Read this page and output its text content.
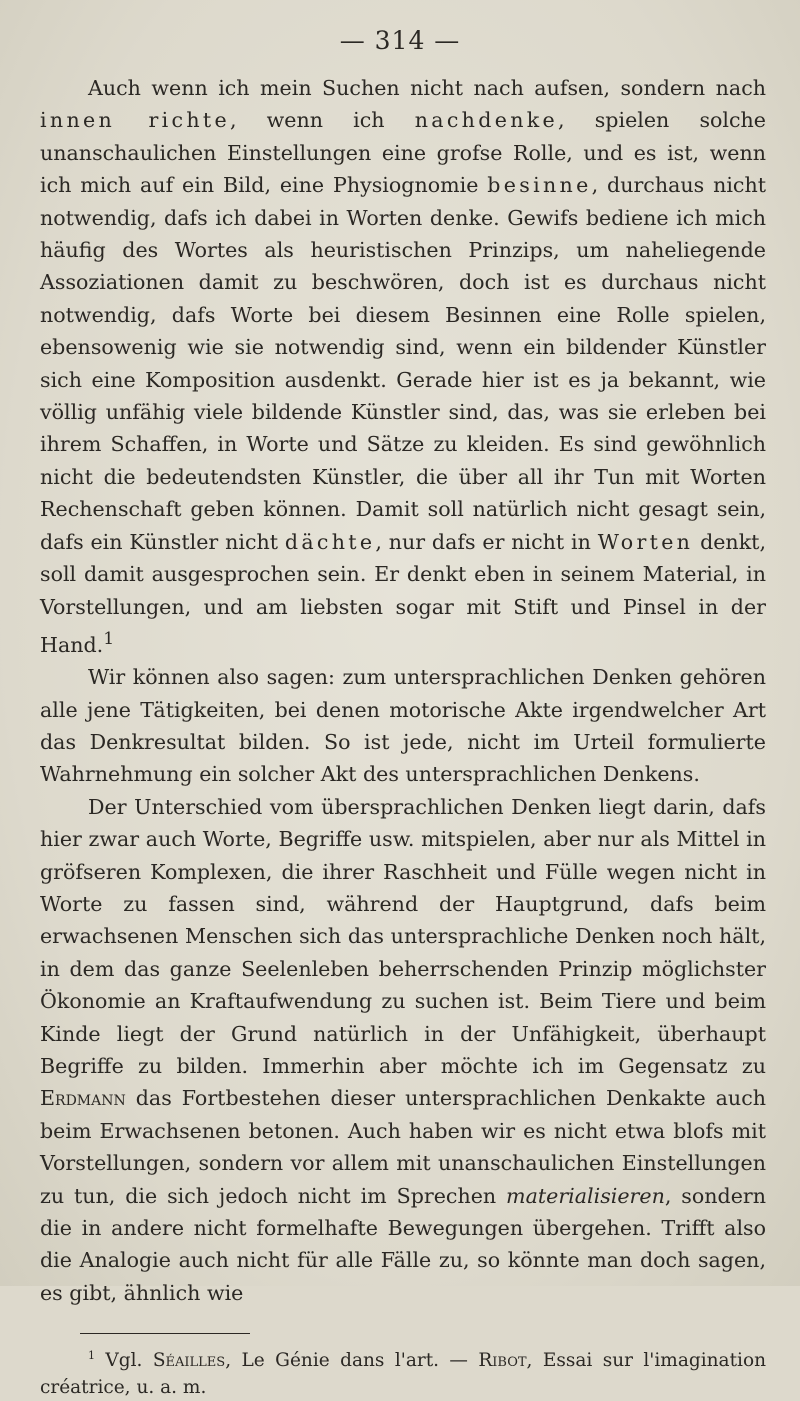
— 314 —

Auch wenn ich mein Suchen nicht nach aufsen, sondern nach innen richte, wenn ich nachdenke, spielen solche unanschaulichen Einstellungen eine grofse Rolle, und es ist, wenn ich mich auf ein Bild, eine Physiognomie besinne, durchaus nicht notwendig, dafs ich dabei in Worten denke. Gewifs bediene ich mich häufig des Wortes als heuristischen Prinzips, um naheliegende Assoziationen damit zu beschwören, doch ist es durchaus nicht notwendig, dafs Worte bei diesem Besinnen eine Rolle spielen, ebensowenig wie sie notwendig sind, wenn ein bildender Künstler sich eine Komposition ausdenkt. Gerade hier ist es ja bekannt, wie völlig unfähig viele bildende Künstler sind, das, was sie erleben bei ihrem Schaffen, in Worte und Sätze zu kleiden. Es sind gewöhnlich nicht die bedeutendsten Künstler, die über all ihr Tun mit Worten Rechenschaft geben können. Damit soll natürlich nicht gesagt sein, dafs ein Künstler nicht dächte, nur dafs er nicht in Worten denkt, soll damit ausgesprochen sein. Er denkt eben in seinem Material, in Vorstellungen, und am liebsten sogar mit Stift und Pinsel in der Hand.$^1$

Wir können also sagen: zum untersprachlichen Denken gehören alle jene Tätigkeiten, bei denen motorische Akte irgendwelcher Art das Denkresultat bilden. So ist jede, nicht im Urteil formulierte Wahrnehmung ein solcher Akt des untersprachlichen Denkens.

Der Unterschied vom übersprachlichen Denken liegt darin, dafs hier zwar auch Worte, Begriffe usw. mitspielen, aber nur als Mittel in gröfseren Komplexen, die ihrer Raschheit und Fülle wegen nicht in Worte zu fassen sind, während der Hauptgrund, dafs beim erwachsenen Menschen sich das untersprachliche Denken noch hält, in dem das ganze Seelenleben beherrschenden Prinzip möglichster Ökonomie an Kraftaufwendung zu suchen ist. Beim Tiere und beim Kinde liegt der Grund natürlich in der Unfähigkeit, überhaupt Begriffe zu bilden. Immerhin aber möchte ich im Gegensatz zu Erdmann das Fortbestehen dieser untersprachlichen Denkakte auch beim Erwachsenen betonen. Auch haben wir es nicht etwa blofs mit Vorstellungen, sondern vor allem mit unanschaulichen Einstellungen zu tun, die sich jedoch nicht im Sprechen materialisieren, sondern die in andere nicht formelhafte Bewegungen übergehen. Trifft also die Analogie auch nicht für alle Fälle zu, so könnte man doch sagen, es gibt, ähnlich wie

$^1$ Vgl. Séailles, Le Génie dans l'art. — Ribot, Essai sur l'imagination créatrice, u. a. m.
